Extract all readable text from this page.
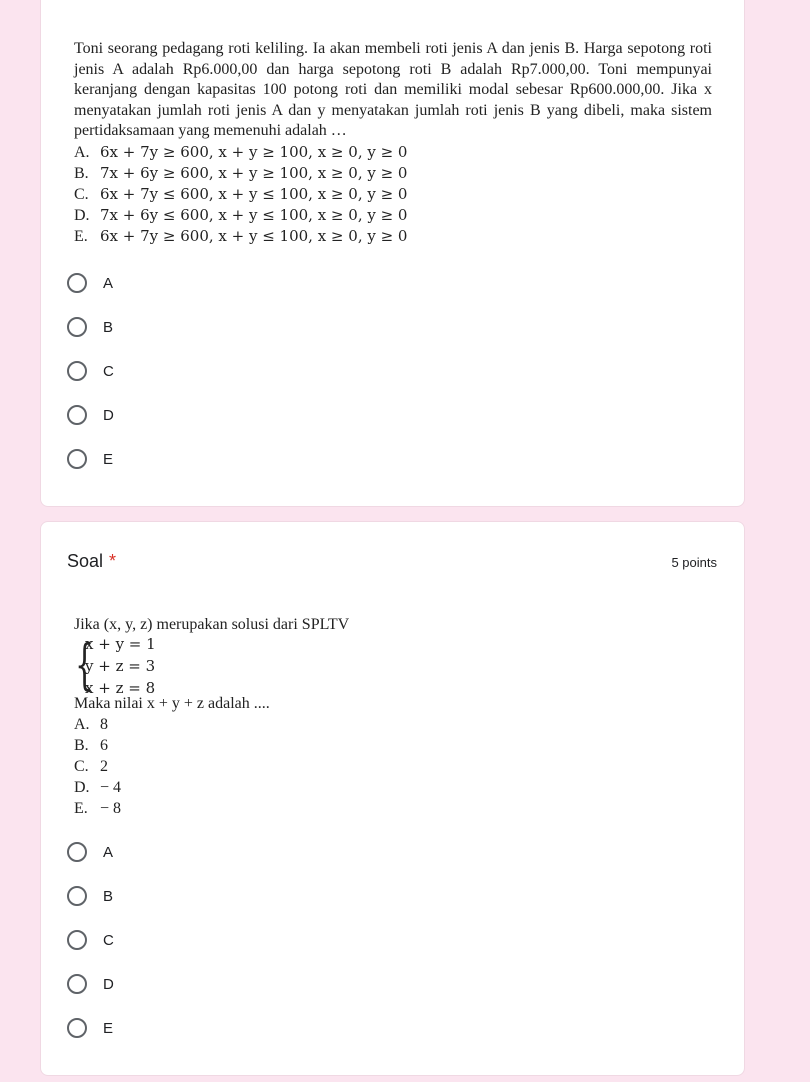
Toni seorang pedagang roti keliling. Ia akan membeli roti jenis A dan jenis B. Harga sepotong roti jenis A adalah Rp6.000,00 dan harga sepotong roti B adalah Rp7.000,00. Toni mempunyai keranjang dengan kapasitas 100 potong roti dan memiliki modal sebesar Rp600.000,00. Jika x menyatakan jumlah roti jenis A dan y menyatakan jumlah roti jenis B yang dibeli, maka sistem pertidaksamaan yang memenuhi adalah …
A. 6x + 7y ≥ 600, x + y ≥ 100, x ≥ 0, y ≥ 0
B. 7x + 6y ≥ 600, x + y ≥ 100, x ≥ 0, y ≥ 0
C. 6x + 7y ≤ 600, x + y ≤ 100, x ≥ 0, y ≥ 0
D. 7x + 6y ≤ 600, x + y ≤ 100, x ≥ 0, y ≥ 0
E. 6x + 7y ≥ 600, x + y ≤ 100, x ≥ 0, y ≥ 0
A
B
C
D
E
Soal *	5 points
Jika (x, y, z) merupakan solusi dari SPLTV
{
x + y = 1
y + z = 3
x + z = 8
Maka nilai x + y + z adalah ....
A. 8
B. 6
C. 2
D. − 4
E. − 8
A
B
C
D
E
